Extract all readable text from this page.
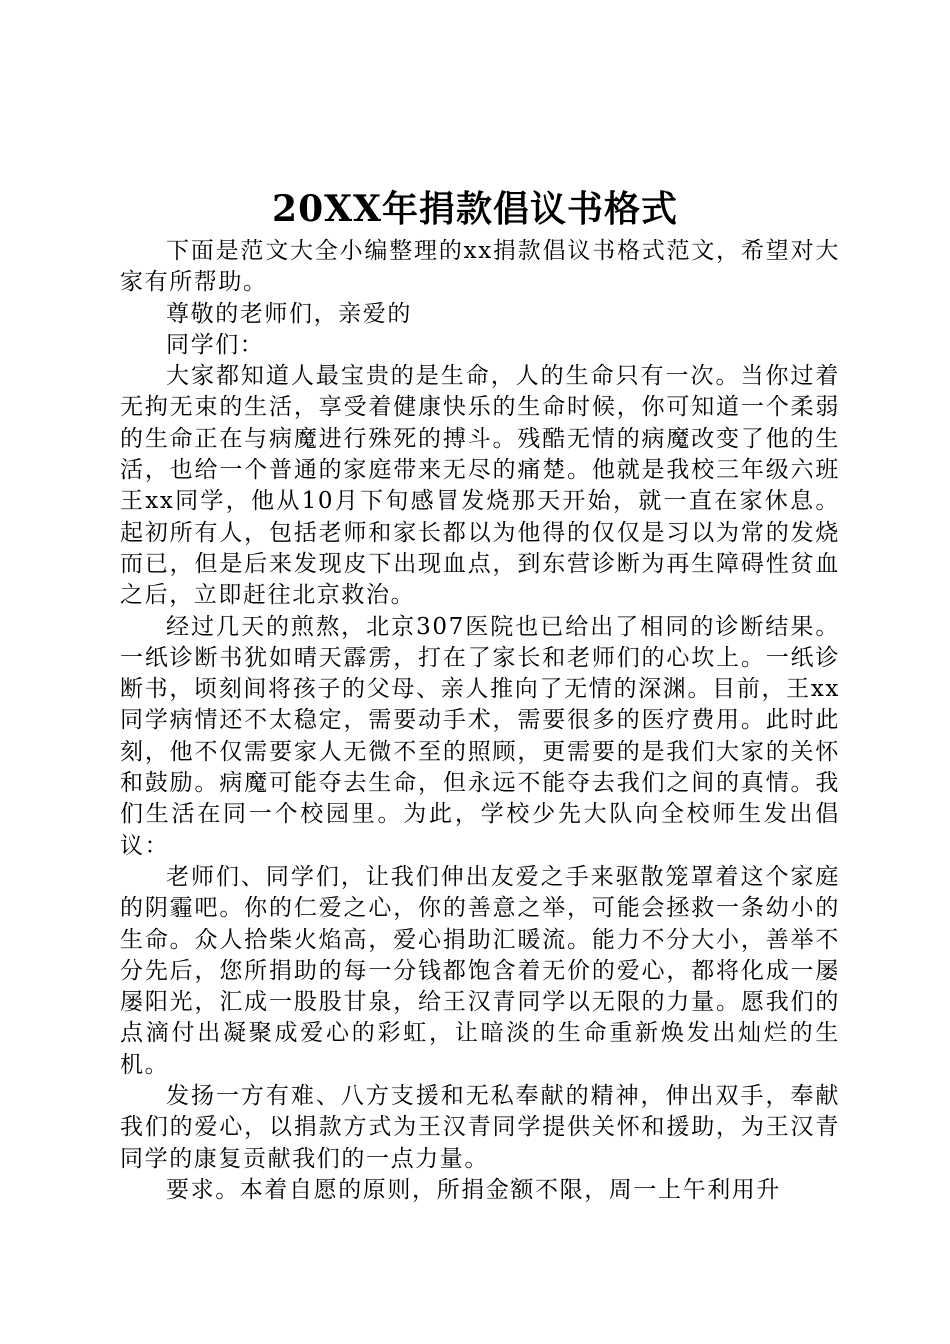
20XX年捐款倡议书格式

下面是范文大全小编整理的xx捐款倡议书格式范文，希望对大家有所帮助。

尊敬的老师们，亲爱的

同学们：

大家都知道人最宝贵的是生命，人的生命只有一次。当你过着无拘无束的生活，享受着健康快乐的生命时候，你可知道一个柔弱的生命正在与病魔进行殊死的搏斗。残酷无情的病魔改变了他的生活，也给一个普通的家庭带来无尽的痛楚。他就是我校三年级六班王xx同学，他从10月下旬感冒发烧那天开始，就一直在家休息。起初所有人，包括老师和家长都以为他得的仅仅是习以为常的发烧而已，但是后来发现皮下出现血点，到东营诊断为再生障碍性贫血之后，立即赶往北京救治。

经过几天的煎熬，北京307医院也已给出了相同的诊断结果。一纸诊断书犹如晴天霹雳，打在了家长和老师们的心坎上。一纸诊断书，顷刻间将孩子的父母、亲人推向了无情的深渊。目前，王xx同学病情还不太稳定，需要动手术，需要很多的医疗费用。此时此刻，他不仅需要家人无微不至的照顾，更需要的是我们大家的关怀和鼓励。病魔可能夺去生命，但永远不能夺去我们之间的真情。我们生活在同一个校园里。为此，学校少先大队向全校师生发出倡议：

老师们、同学们，让我们伸出友爱之手来驱散笼罩着这个家庭的阴霾吧。你的仁爱之心，你的善意之举，可能会拯救一条幼小的生命。众人拾柴火焰高，爱心捐助汇暖流。能力不分大小，善举不分先后，您所捐助的每一分钱都饱含着无价的爱心，都将化成一屡屡阳光，汇成一股股甘泉，给王汉青同学以无限的力量。愿我们的点滴付出凝聚成爱心的彩虹，让暗淡的生命重新焕发出灿烂的生机。

发扬一方有难、八方支援和无私奉献的精神，伸出双手，奉献我们的爱心，以捐款方式为王汉青同学提供关怀和援助，为王汉青同学的康复贡献我们的一点力量。

要求。本着自愿的原则，所捐金额不限，周一上午利用升
